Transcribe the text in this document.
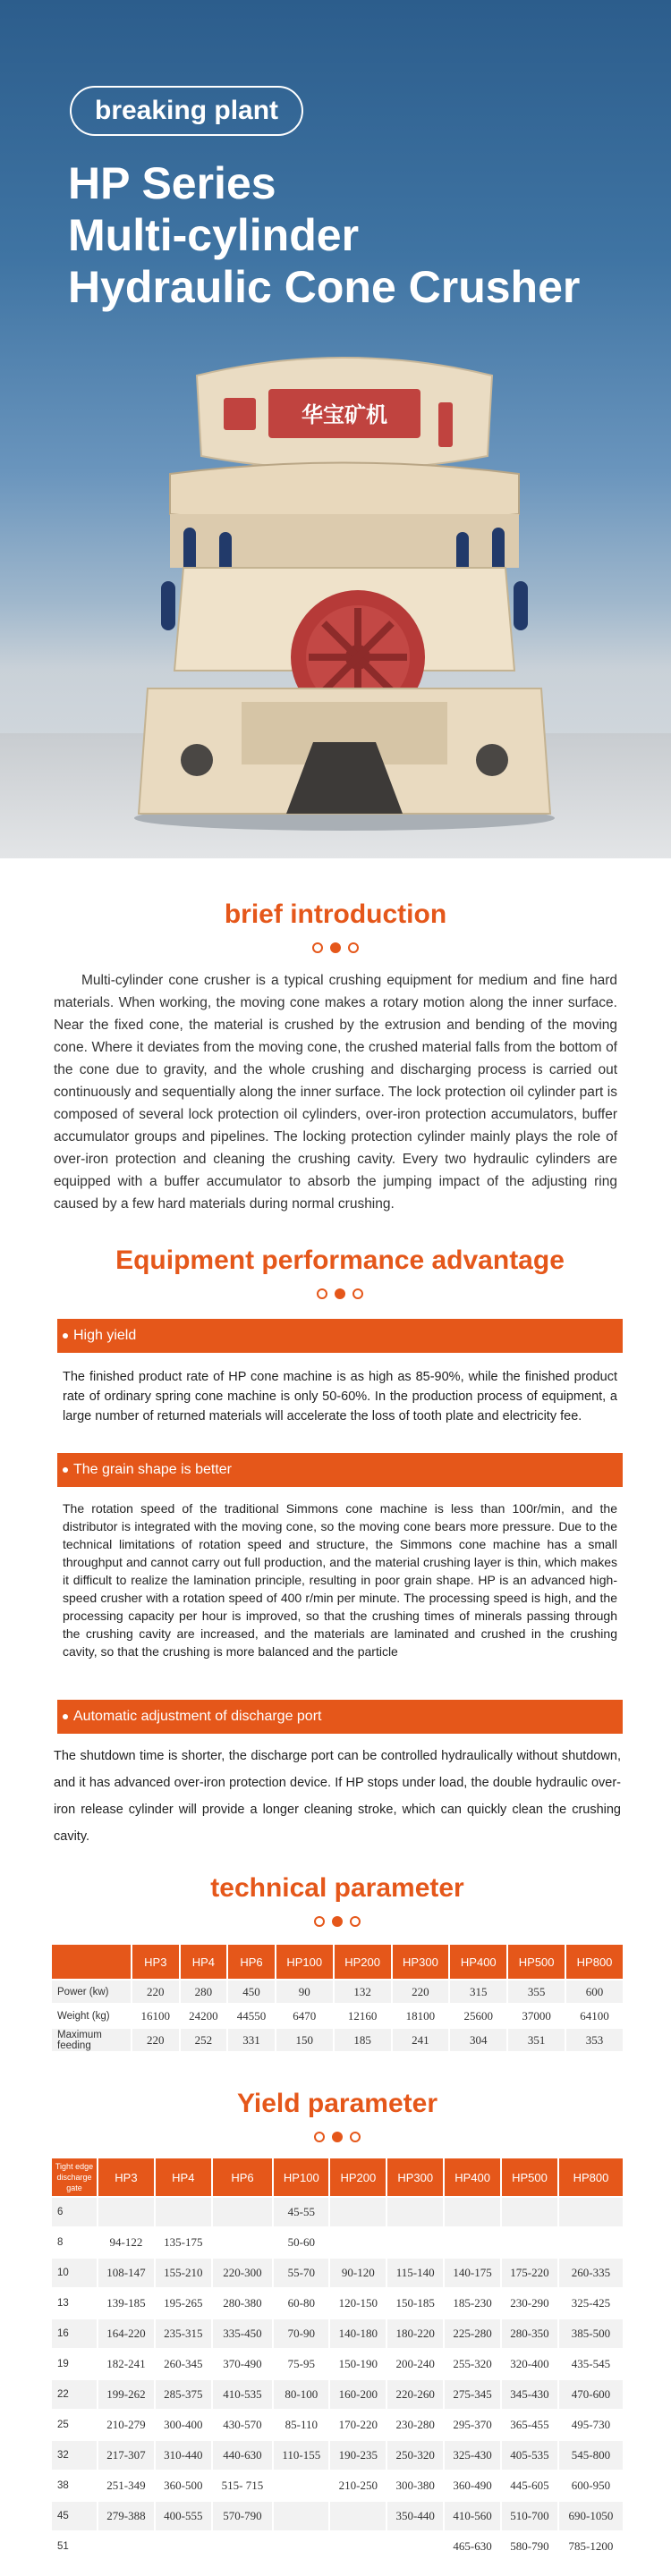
breaking plant
HP Series
Multi-cylinder
Hydraulic Cone Crusher
华宝矿机
brief introduction

Multi-cylinder cone crusher is a typical crushing equipment for medium and fine hard materials. When working, the moving cone makes a rotary motion along the inner surface. Near the fixed cone, the material is crushed by the extrusion and bending of the moving cone. Where it deviates from the moving cone, the crushed material falls from the bottom of the cone due to gravity, and the whole crushing and discharging process is carried out continuously and sequentially along the inner surface. The lock protection oil cylinder part is composed of several lock protection oil cylinders, over-iron protection accumulators, buffer accumulator groups and pipelines. The locking protection cylinder mainly plays the role of over-iron protection and cleaning the crushing cavity. Every two hydraulic cylinders are equipped with a buffer accumulator to absorb the jumping impact of the adjusting ring caused by a few hard materials during normal crushing.

Equipment performance advantage
High yield

The finished product rate of HP cone machine is as high as 85-90%, while the finished product rate of ordinary spring cone machine is only 50-60%. In the production process of equipment, a large number of returned materials will accelerate the loss of tooth plate and electricity fee.

The grain shape is better

The rotation speed of the traditional Simmons cone machine is less than 100r/min, and the distributor is integrated with the moving cone, so the moving cone bears more pressure. Due to the technical limitations of rotation speed and structure, the Simmons cone machine has a small throughput and cannot carry out full production, and the material crushing layer is thin, which makes it difficult to realize the lamination principle, resulting in poor grain shape. HP is an advanced high-speed crusher with a rotation speed of 400 r/min per minute. The processing speed is high, and the processing capacity per hour is improved, so that the crushing times of minerals passing through the crushing cavity are increased, and the materials are laminated and crushed in the crushing cavity, so that the crushing is more balanced and the particle

Automatic adjustment of discharge port

The shutdown time is shorter, the discharge port can be controlled hydraulically without shutdown, and it has advanced over-iron protection device. If HP stops under load, the double hydraulic over-iron release cylinder will provide a longer cleaning stroke, which can quickly clean the crushing cavity.

technical parameter
	HP3	HP4	HP6	HP100	HP200	HP300	HP400	HP500	HP800
Power (kw)	220	280	450	90	132	220	315	355	600
Weight (kg)	16100	24200	44550	6470	12160	18100	25600	37000	64100
Maximum feeding	220	252	331	150	185	241	304	351	353
Yield parameter
Tight edge discharge gate	HP3	HP4	HP6	HP100	HP200	HP300	HP400	HP500	HP800
6				45-55					
8	94-122	135-175		50-60					
10	108-147	155-210	220-300	55-70	90-120	115-140	140-175	175-220	260-335
13	139-185	195-265	280-380	60-80	120-150	150-185	185-230	230-290	325-425
16	164-220	235-315	335-450	70-90	140-180	180-220	225-280	280-350	385-500
19	182-241	260-345	370-490	75-95	150-190	200-240	255-320	320-400	435-545
22	199-262	285-375	410-535	80-100	160-200	220-260	275-345	345-430	470-600
25	210-279	300-400	430-570	85-110	170-220	230-280	295-370	365-455	495-730
32	217-307	310-440	440-630	110-155	190-235	250-320	325-430	405-535	545-800
38	251-349	360-500	515- 715		210-250	300-380	360-490	445-605	600-950
45	279-388	400-555	570-790			350-440	410-560	510-700	690-1050
51							465-630	580-790	785-1200
